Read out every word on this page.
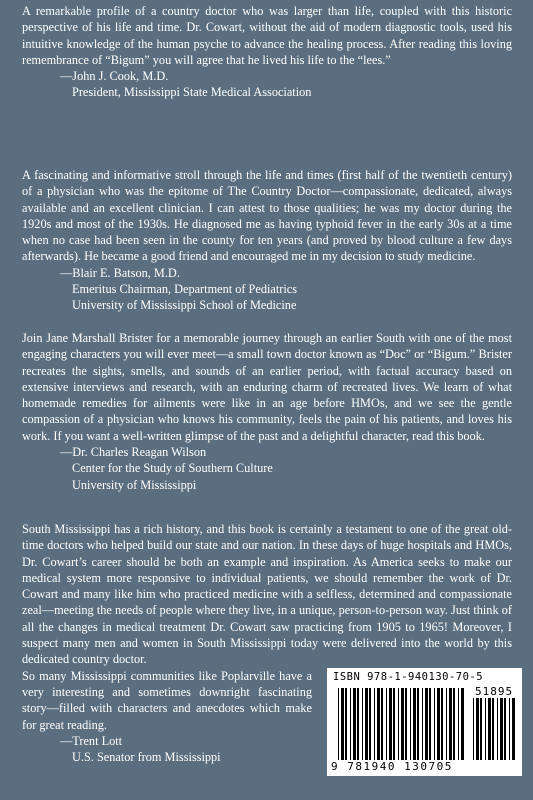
A remarkable profile of a country doctor who was larger than life, coupled with this historic perspective of his life and time. Dr. Cowart, without the aid of modern diagnostic tools, used his intuitive knowledge of the human psyche to advance the healing process. After reading this loving remembrance of “Bigum” you will agree that he lived his life to the “lees.”

—John J. Cook, M.D.
President, Mississippi State Medical Association

A fascinating and informative stroll through the life and times (first half of the twentieth century) of a physician who was the epitome of The Country Doctor—compassionate, dedicated, always available and an excellent clinician. I can attest to those qualities; he was my doctor during the 1920s and most of the 1930s. He diagnosed me as having typhoid fever in the early 30s at a time when no case had been seen in the county for ten years (and proved by blood culture a few days afterwards). He became a good friend and encouraged me in my decision to study medicine.

—Blair E. Batson, M.D.
Emeritus Chairman, Department of Pediatrics
University of Mississippi School of Medicine

Join Jane Marshall Brister for a memorable journey through an earlier South with one of the most engaging characters you will ever meet—a small town doctor known as “Doc” or “Bigum.” Brister recreates the sights, smells, and sounds of an earlier period, with factual accuracy based on extensive interviews and research, with an enduring charm of recreated lives. We learn of what homemade remedies for ailments were like in an age before HMOs, and we see the gentle compassion of a physician who knows his community, feels the pain of his patients, and loves his work. If you want a well-written glimpse of the past and a delightful character, read this book.

—Dr. Charles Reagan Wilson
Center for the Study of Southern Culture
University of Mississippi

South Mississippi has a rich history, and this book is certainly a testament to one of the great old-time doctors who helped build our state and our nation. In these days of huge hospitals and HMOs, Dr. Cowart’s career should be both an example and inspiration. As America seeks to make our medical system more responsive to individual patients, we should remember the work of Dr. Cowart and many like him who practiced medicine with a selfless, determined and compassionate zeal—meeting the needs of people where they live, in a unique, person-to-person way. Just think of all the changes in medical treatment Dr. Cowart saw practicing from 1905 to 1965! Moreover, I suspect many men and women in South Mississippi today were delivered into the world by this dedicated country doctor.

So many Mississippi communities like Poplarville have a very interesting and sometimes downright fascinating story—filled with characters and anecdotes which make for great reading.

—Trent Lott
U.S. Senator from Mississippi
ISBN 978-1-940130-70-5
51895
9 781940 130705
